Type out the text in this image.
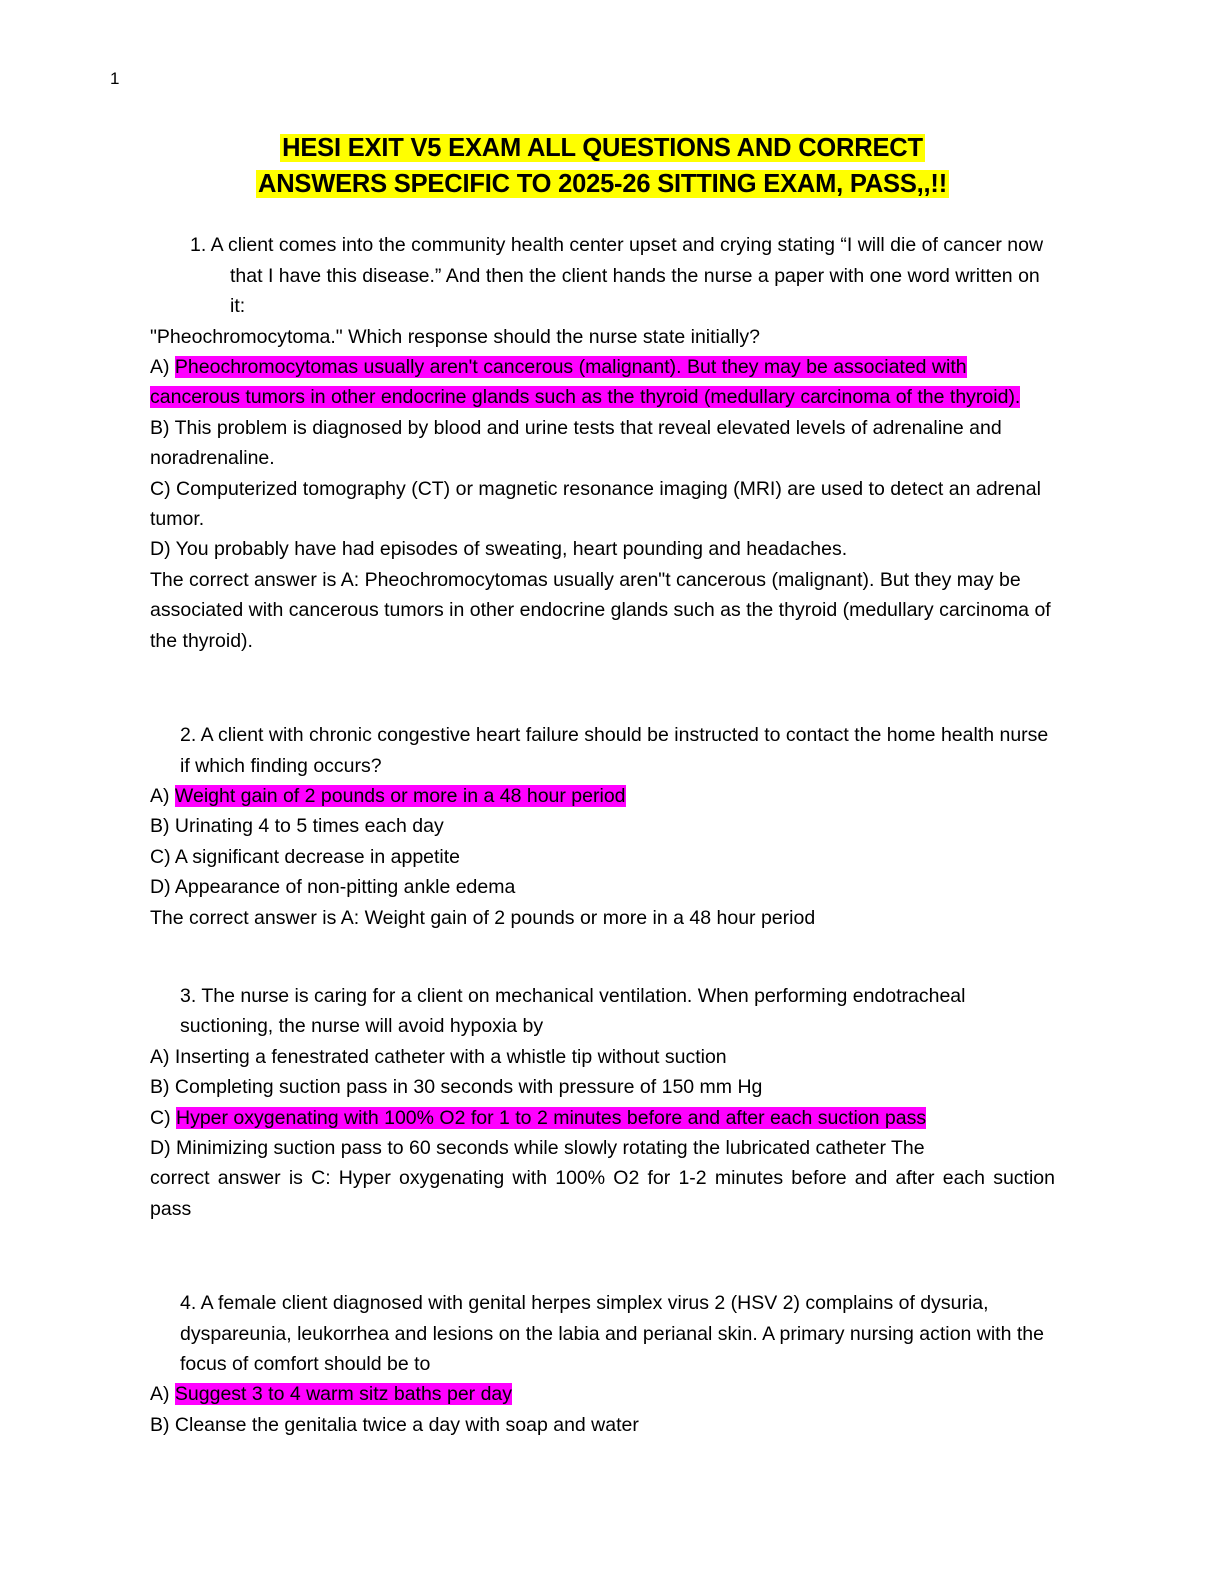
1
HESI EXIT V5 EXAM ALL QUESTIONS AND CORRECT
ANSWERS SPECIFIC TO 2025-26 SITTING EXAM, PASS,,!!

1. A client comes into the community health center upset and crying stating “I will die of cancer now that I have this disease.” And then the client hands the nurse a paper with one word written on it:

"Pheochromocytoma." Which response should the nurse state initially?

A) Pheochromocytomas usually aren't cancerous (malignant). But they may be associated with cancerous tumors in other endocrine glands such as the thyroid (medullary carcinoma of the thyroid).

B) This problem is diagnosed by blood and urine tests that reveal elevated levels of adrenaline and noradrenaline.

C) Computerized tomography (CT) or magnetic resonance imaging (MRI) are used to detect an adrenal tumor.

D) You probably have had episodes of sweating, heart pounding and headaches.

The correct answer is A: Pheochromocytomas usually aren"t cancerous (malignant). But they may be associated with cancerous tumors in other endocrine glands such as the thyroid (medullary carcinoma of the thyroid).

2. A client with chronic congestive heart failure should be instructed to contact the home health nurse if which finding occurs?

A) Weight gain of 2 pounds or more in a 48 hour period

B) Urinating 4 to 5 times each day

C) A significant decrease in appetite

D) Appearance of non-pitting ankle edema

The correct answer is A: Weight gain of 2 pounds or more in a 48 hour period

3. The nurse is caring for a client on mechanical ventilation. When performing endotracheal suctioning, the nurse will avoid hypoxia by

A) Inserting a fenestrated catheter with a whistle tip without suction

B) Completing suction pass in 30 seconds with pressure of 150 mm Hg

C) Hyper oxygenating with 100% O2 for 1 to 2 minutes before and after each suction pass

D) Minimizing suction pass to 60 seconds while slowly rotating the lubricated catheter The

correct answer is C: Hyper oxygenating with 100% O2 for 1-2 minutes before and after each suction pass

4. A female client diagnosed with genital herpes simplex virus 2 (HSV 2) complains of dysuria, dyspareunia, leukorrhea and lesions on the labia and perianal skin. A primary nursing action with the focus of comfort should be to

A) Suggest 3 to 4 warm sitz baths per day

B) Cleanse the genitalia twice a day with soap and water
